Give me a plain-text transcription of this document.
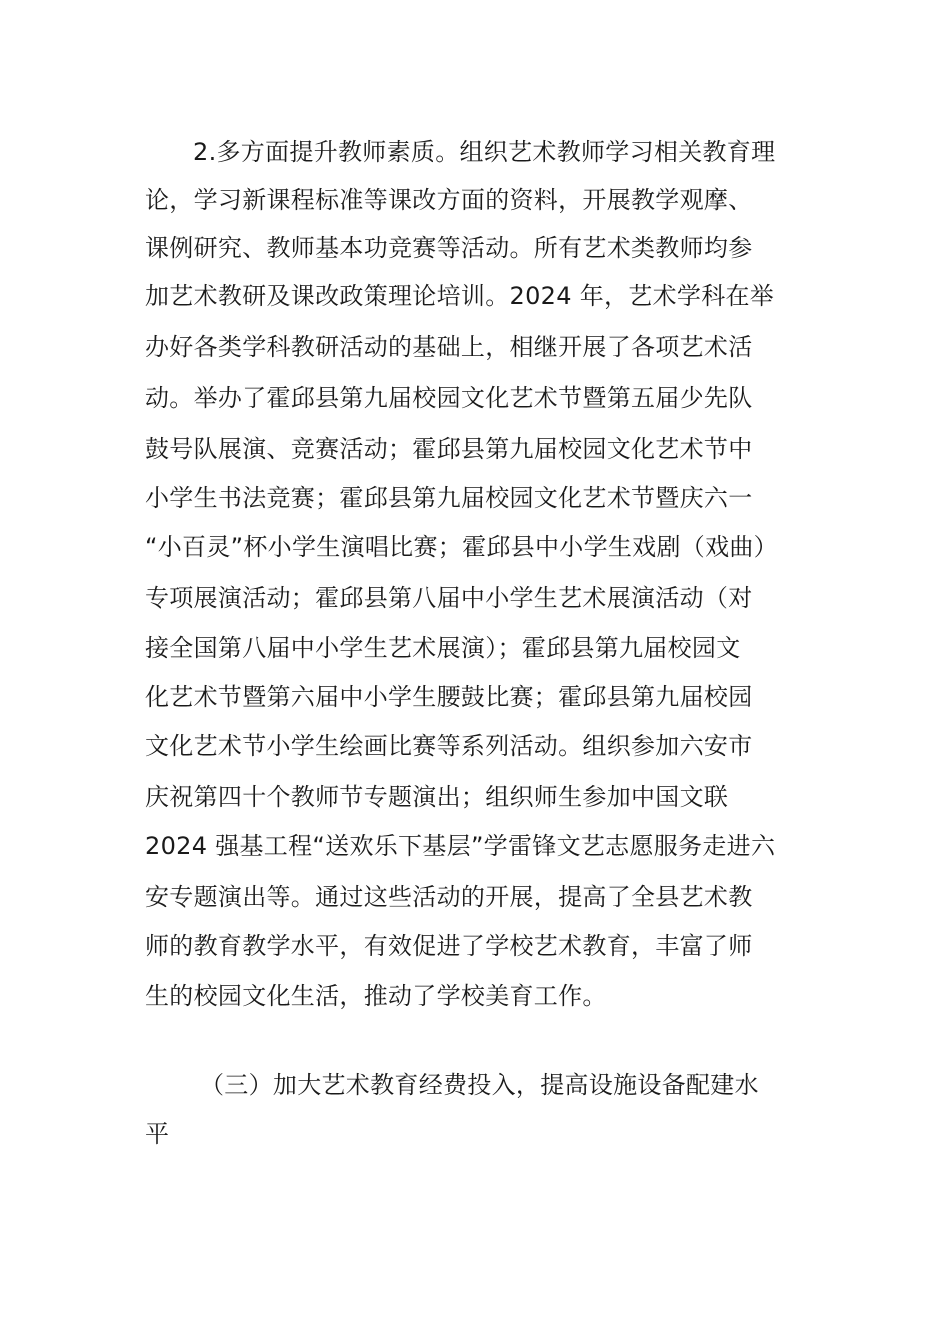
2.多方面提升教师素质。组织艺术教师学习相关教育理
论，学习新课程标准等课改方面的资料，开展教学观摩、
课例研究、教师基本功竞赛等活动。所有艺术类教师均参
加艺术教研及课改政策理论培训。2024 年，艺术学科在举
办好各类学科教研活动的基础上，相继开展了各项艺术活
动。举办了霍邱县第九届校园文化艺术节暨第五届少先队
鼓号队展演、竞赛活动；霍邱县第九届校园文化艺术节中
小学生书法竞赛；霍邱县第九届校园文化艺术节暨庆六一
“小百灵”杯小学生演唱比赛；霍邱县中小学生戏剧（戏曲）
专项展演活动；霍邱县第八届中小学生艺术展演活动（对
接全国第八届中小学生艺术展演）；霍邱县第九届校园文
化艺术节暨第六届中小学生腰鼓比赛；霍邱县第九届校园
文化艺术节小学生绘画比赛等系列活动。组织参加六安市
庆祝第四十个教师节专题演出；组织师生参加中国文联
2024 强基工程“送欢乐下基层”学雷锋文艺志愿服务走进六
安专题演出等。通过这些活动的开展，提高了全县艺术教
师的教育教学水平，有效促进了学校艺术教育，丰富了师
生的校园文化生活，推动了学校美育工作。
（三）加大艺术教育经费投入，提高设施设备配建水
平
